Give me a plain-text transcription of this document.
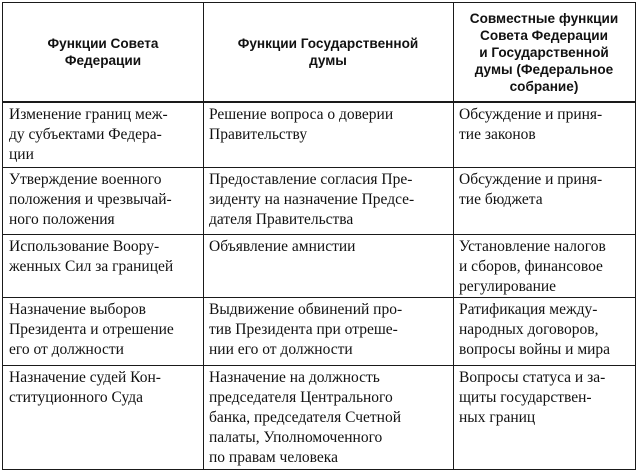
Функции Совета
Федерации
Функции Государственной
думы
Совместные функции
Совета Федерации
и Государственной
думы (Федеральное
собрание)
Изменение границ меж-
ду субъектами Федера-
ции
Решение вопроса о доверии
Правительству
Обсуждение и приня-
тие законов
Утверждение военного
положения и чрезвычай-
ного положения
Предоставление согласия Пре-
зиденту на назначение Предсе-
дателя Правительства
Обсуждение и приня-
тие бюджета
Использование Воору-
женных Сил за границей
Объявление амнистии	Установление налогов
и сборов, финансовое
регулирование
Назначение выборов
Президента и отрешение
его от должности
Выдвижение обвинений про-
тив Президента при отреше-
нии его от должности
Ратификация между-
народных договоров,
вопросы войны и мира
Назначение судей Кон-
ституционного Суда
Назначение на должность
председателя Центрального
банка, председателя Счетной
палаты, Уполномоченного
по правам человека
Вопросы статуса и за-
щиты государствен-
ных границ
